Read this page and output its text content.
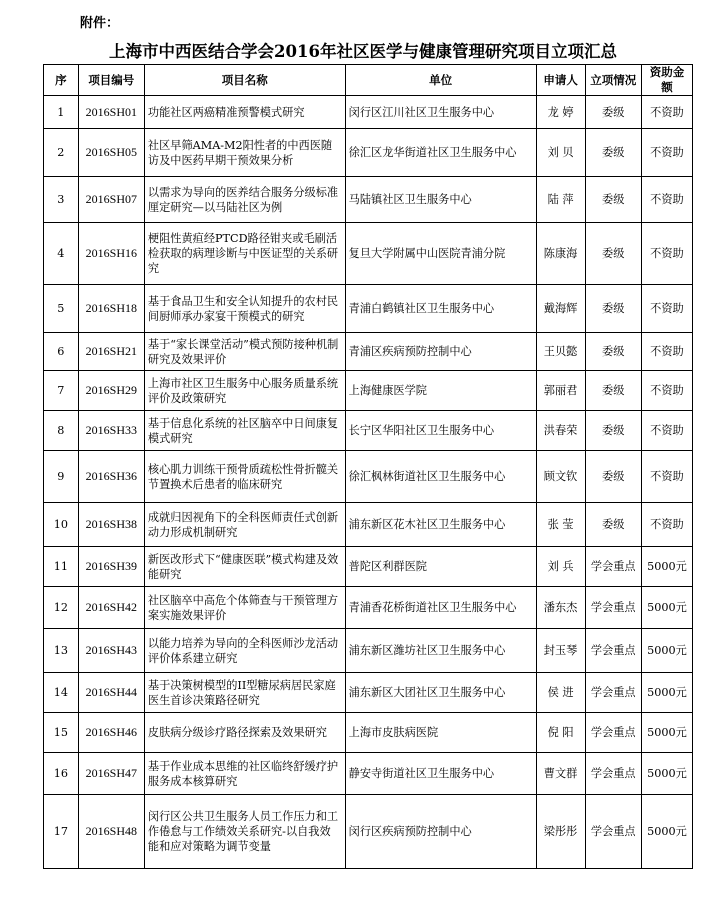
附件：
上海市中西医结合学会2016年社区医学与健康管理研究项目立项汇总
序	项目编号	项目名称	单位	申请人	立项情况	资助金额
1	2016SH01	功能社区两癌精准预警模式研究	闵行区江川社区卫生服务中心	龙 婷	委级	不资助
2	2016SH05	社区早筛AMA-M2阳性者的中西医随访及中医药早期干预效果分析	徐汇区龙华街道社区卫生服务中心	刘 贝	委级	不资助
3	2016SH07	以需求为导向的医养结合服务分级标准厘定研究—以马陆社区为例	马陆镇社区卫生服务中心	陆 萍	委级	不资助
4	2016SH16	梗阻性黄疸经PTCD路径钳夹或毛刷活检获取的病理诊断与中医证型的关系研究	复旦大学附属中山医院青浦分院	陈康海	委级	不资助
5	2016SH18	基于食品卫生和安全认知提升的农村民间厨师承办家宴干预模式的研究	青浦白鹤镇社区卫生服务中心	戴海辉	委级	不资助
6	2016SH21	基于“家长课堂活动”模式预防接种机制研究及效果评价	青浦区疾病预防控制中心	王贝懿	委级	不资助
7	2016SH29	上海市社区卫生服务中心服务质量系统评价及政策研究	上海健康医学院	郭丽君	委级	不资助
8	2016SH33	基于信息化系统的社区脑卒中日间康复模式研究	长宁区华阳社区卫生服务中心	洪春荣	委级	不资助
9	2016SH36	核心肌力训练干预骨质疏松性骨折髋关节置换术后患者的临床研究	徐汇枫林街道社区卫生服务中心	顾文钦	委级	不资助
10	2016SH38	成就归因视角下的全科医师责任式创新动力形成机制研究	浦东新区花木社区卫生服务中心	张 莹	委级	不资助
11	2016SH39	新医改形式下“健康医联”模式构建及效能研究	普陀区利群医院	刘 兵	学会重点	5000元
12	2016SH42	社区脑卒中高危个体筛查与干预管理方案实施效果评价	青浦香花桥街道社区卫生服务中心	潘东杰	学会重点	5000元
13	2016SH43	以能力培养为导向的全科医师沙龙活动评价体系建立研究	浦东新区潍坊社区卫生服务中心	封玉琴	学会重点	5000元
14	2016SH44	基于决策树模型的II型糖尿病居民家庭医生首诊决策路径研究	浦东新区大团社区卫生服务中心	侯 进	学会重点	5000元
15	2016SH46	皮肤病分级诊疗路径探索及效果研究	上海市皮肤病医院	倪 阳	学会重点	5000元
16	2016SH47	基于作业成本思维的社区临终舒缓疗护服务成本核算研究	静安寺街道社区卫生服务中心	曹文群	学会重点	5000元
17	2016SH48	闵行区公共卫生服务人员工作压力和工作倦怠与工作绩效关系研究-以自我效能和应对策略为调节变量	闵行区疾病预防控制中心	梁彤彤	学会重点	5000元
